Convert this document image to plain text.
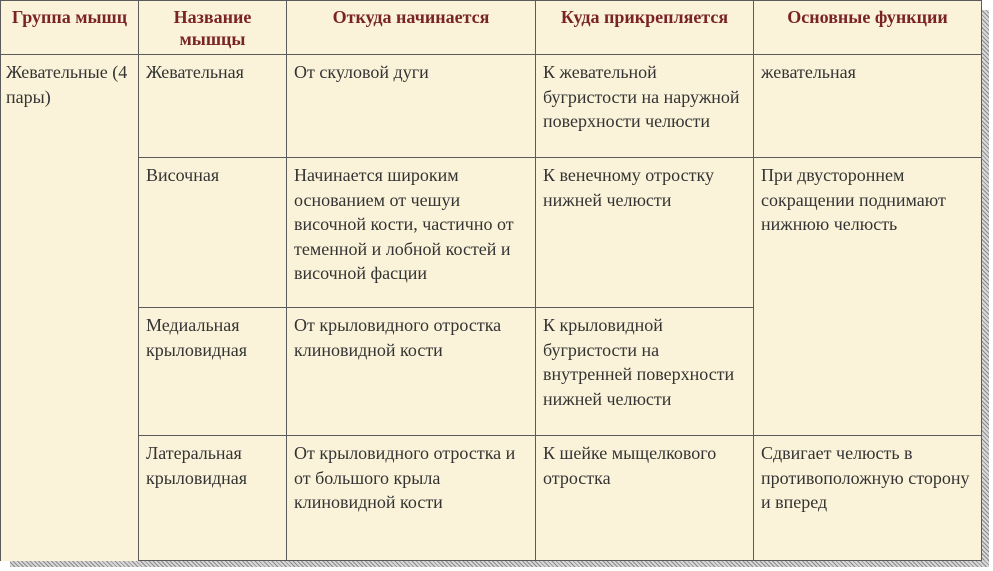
Группа мышц	Название мышцы	Откуда начинается	Куда прикрепляется	Основные функции
Жевательные (4 пары)	Жевательная	От скуловой дуги	К жевательной бугристости на наружной поверхности челюсти	жевательная
	Височная	Начинается широким основанием от чешуи височной кости, частично от теменной и лобной костей и височной фасции	К венечному отростку нижней челюсти	При двустороннем сокращении поднимают нижнюю челюсть
	Медиальная крыловидная	От крыловидного отростка клиновидной кости	К крыловидной бугристости на внутренней поверхности нижней челюсти	
	Латеральная крыловидная	От крыловидного отростка и от большого крыла клиновидной кости	К шейке мыщелкового отростка	Сдвигает челюсть в противоположную сторону и вперед
